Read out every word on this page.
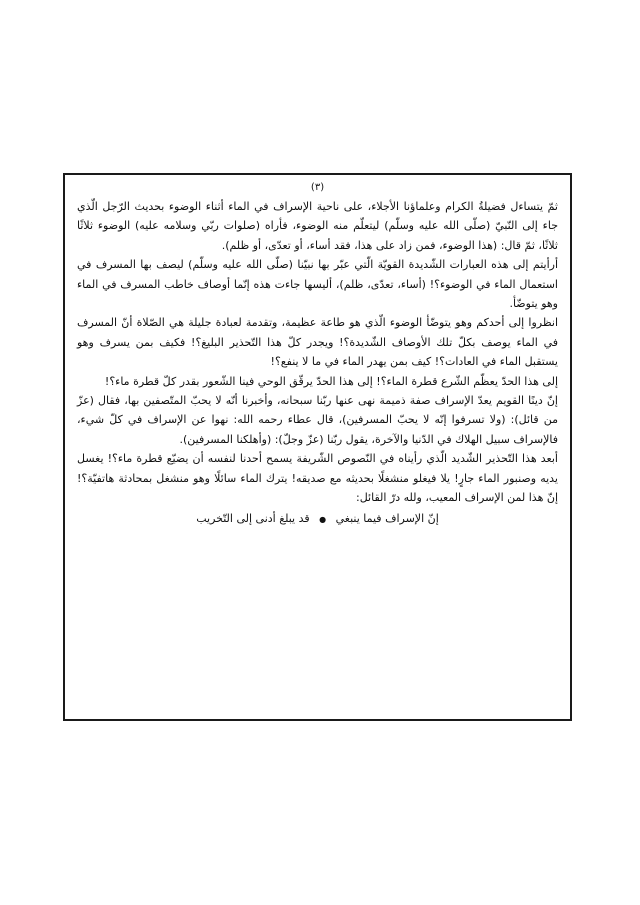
(٣)

ثمّ يتساءل فضيلةُ الكرام وعلماؤنا الأجلاء، على ناحية الإسراف في الماء أثناء الوضوء بحديث الرّجل الّذي جاء إلى النّبيّ (صلّى الله عليه وسلّم) ليتعلّم منه الوضوء، فأراه (صلوات ربّي وسلامه عليه) الوضوء ثلاثًا ثلاثًا، ثمّ قال: (هذا الوضوء، فمن زاد على هذا، فقد أساء، أو تعدّى، أو ظلم).

أرأيتم إلى هذه العبارات الشّديدة القويّة الّتي عبّر بها نبيّنا (صلّى الله عليه وسلّم) ليصف بها المسرف في استعمال الماء في الوضوء؟! (أساء، تعدّى، ظلم)، أليسها جاءت هذه إنّما أوصاف خاطب المسرف في الماء وهو يتوضّأ.

انظروا إلى أحدكم وهو يتوضّأ الوضوء الّذي هو طاعة عظيمة، وتقدمة لعبادة جليلة هي الصّلاة أنّ المسرف في الماء يوصف بكلّ تلك الأوصاف الشّديدة؟! ويجدر كلّ هذا التّحذير البليغ؟! فكيف بمن يسرف وهو يستقبل الماء في العادات؟! كيف بمن يهدر الماء في ما لا ينفع؟!

إلى هذا الحدّ يعظّم الشّرع قطرة الماء؟! إلى هذا الحدّ يرقّق الوحي فينا الشّعور بقدر كلّ قطرة ماء؟!

إنّ دينًا القويم يعدّ الإسراف صفة ذميمة نهى عنها ربّنا سبحانه، وأخبرنا أنّه لا يحبّ المتّصفين بها، فقال (عزّ من قائل): (ولا تسرفوا إنّه لا يحبّ المسرفين)، قال عطاء رحمه الله: نهوا عن الإسراف في كلّ شيء، فالإسراف سبيل الهلاك في الدّنيا والآخرة، يقول ربّنا (عزّ وجلّ): (وأهلكنا المسرفين).

أبعد هذا التّحذير الشّديد الّذي رأيناه في النّصوص الشّريفة يسمح أحدنا لنفسه أن يضيّع قطرة ماء؟! يغسل يديه وصنبور الماء جارٍ! يلا فيغلو منشغلًا بحديثه مع صديقه! يترك الماء سائلًا وهو منشغل بمحادثة هاتفيّة؟! إنّ هذا لمن الإسراف المعيب، ولله درّ القائل:

إنّ الإسراف فيما ينبغي ● قد يبلغ أدنى إلى التّخريب
